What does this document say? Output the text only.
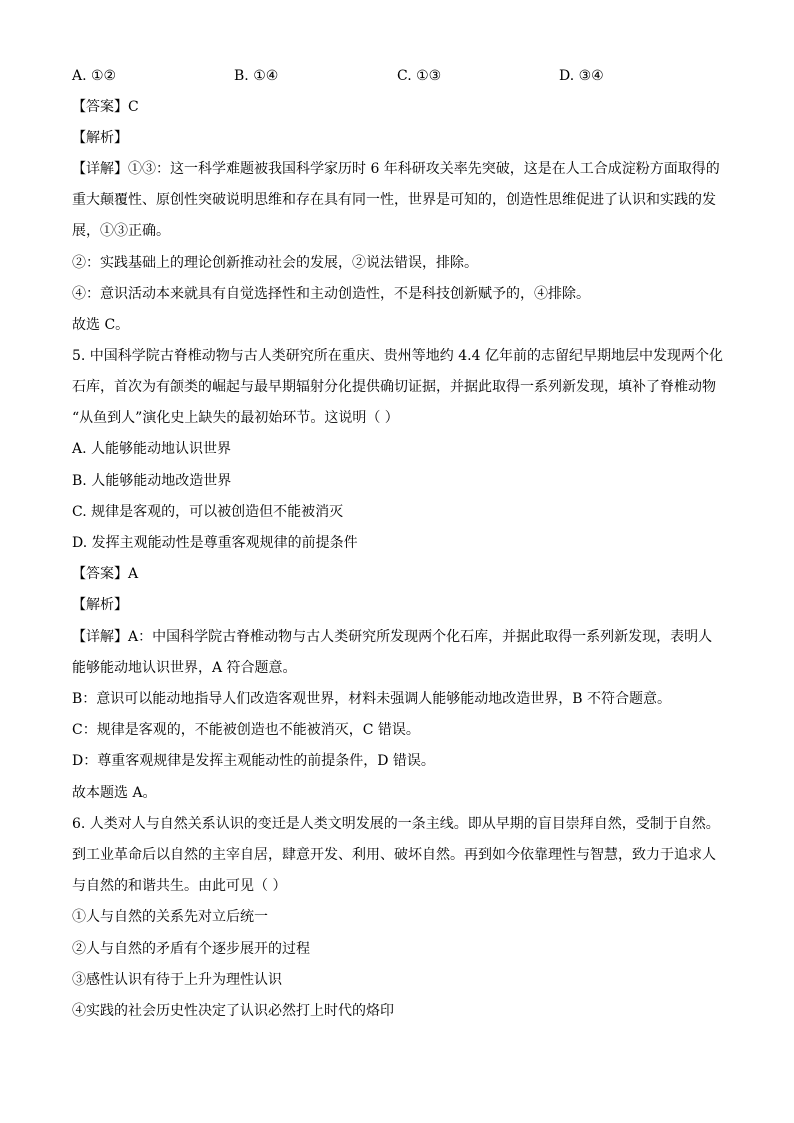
A. ①②	B. ①④	C. ①③	D. ③④
【答案】C
【解析】
【详解】①③：这一科学难题被我国科学家历时 6 年科研攻关率先突破，这是在人工合成淀粉方面取得的
重大颠覆性、原创性突破说明思维和存在具有同一性，世界是可知的，创造性思维促进了认识和实践的发
展，①③正确。
②：实践基础上的理论创新推动社会的发展，②说法错误，排除。
④：意识活动本来就具有自觉选择性和主动创造性，不是科技创新赋予的，④排除。
故选 C。
5. 中国科学院古脊椎动物与古人类研究所在重庆、贵州等地约 4.4 亿年前的志留纪早期地层中发现两个化
石库，首次为有颌类的崛起与最早期辐射分化提供确切证据，并据此取得一系列新发现，填补了脊椎动物
“从鱼到人”演化史上缺失的最初始环节。这说明（ ）
A. 人能够能动地认识世界
B. 人能够能动地改造世界
C. 规律是客观的，可以被创造但不能被消灭
D. 发挥主观能动性是尊重客观规律的前提条件
【答案】A
【解析】
【详解】A：中国科学院古脊椎动物与古人类研究所发现两个化石库，并据此取得一系列新发现，表明人
能够能动地认识世界，A 符合题意。
B：意识可以能动地指导人们改造客观世界，材料未强调人能够能动地改造世界，B 不符合题意。
C：规律是客观的，不能被创造也不能被消灭，C 错误。
D：尊重客观规律是发挥主观能动性的前提条件，D 错误。
故本题选 A。
6. 人类对人与自然关系认识的变迁是人类文明发展的一条主线。即从早期的盲目崇拜自然，受制于自然。
到工业革命后以自然的主宰自居，肆意开发、利用、破坏自然。再到如今依靠理性与智慧，致力于追求人
与自然的和谐共生。由此可见（ ）
①人与自然的关系先对立后统一
②人与自然的矛盾有个逐步展开的过程
③感性认识有待于上升为理性认识
④实践的社会历史性决定了认识必然打上时代的烙印
